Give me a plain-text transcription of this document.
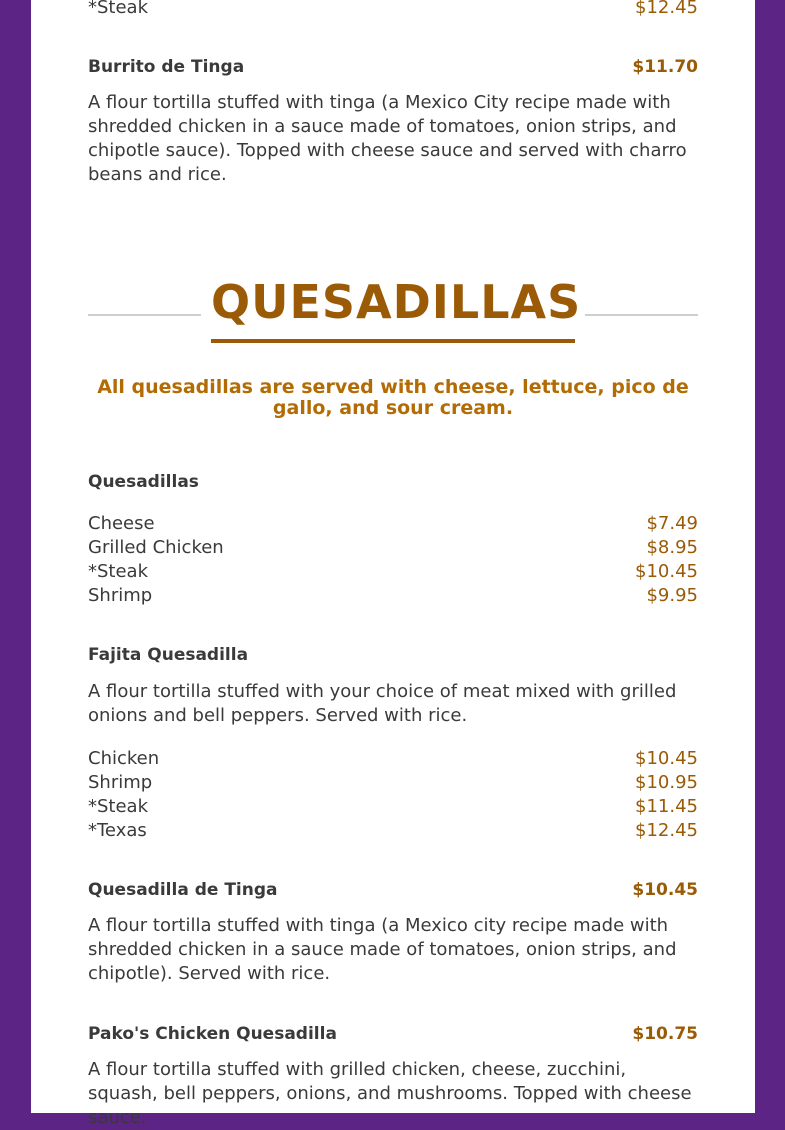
*Steak	$12.45
Burrito de Tinga	$11.70
A flour tortilla stuffed with tinga (a Mexico City recipe made with shredded chicken in a sauce made of tomatoes, onion strips, and chipotle sauce). Topped with cheese sauce and served with charro beans and rice.
QUESADILLAS
All quesadillas are served with cheese, lettuce, pico de gallo, and sour cream.
Quesadillas
Cheese	$7.49
Grilled Chicken	$8.95
*Steak	$10.45
Shrimp	$9.95
Fajita Quesadilla
A flour tortilla stuffed with your choice of meat mixed with grilled onions and bell peppers. Served with rice.
Chicken	$10.45
Shrimp	$10.95
*Steak	$11.45
*Texas	$12.45
Quesadilla de Tinga	$10.45
A flour tortilla stuffed with tinga (a Mexico city recipe made with shredded chicken in a sauce made of tomatoes, onion strips, and chipotle). Served with rice.
Pako's Chicken Quesadilla	$10.75
A flour tortilla stuffed with grilled chicken, cheese, zucchini, squash, bell peppers, onions, and mushrooms. Topped with cheese sauce.
